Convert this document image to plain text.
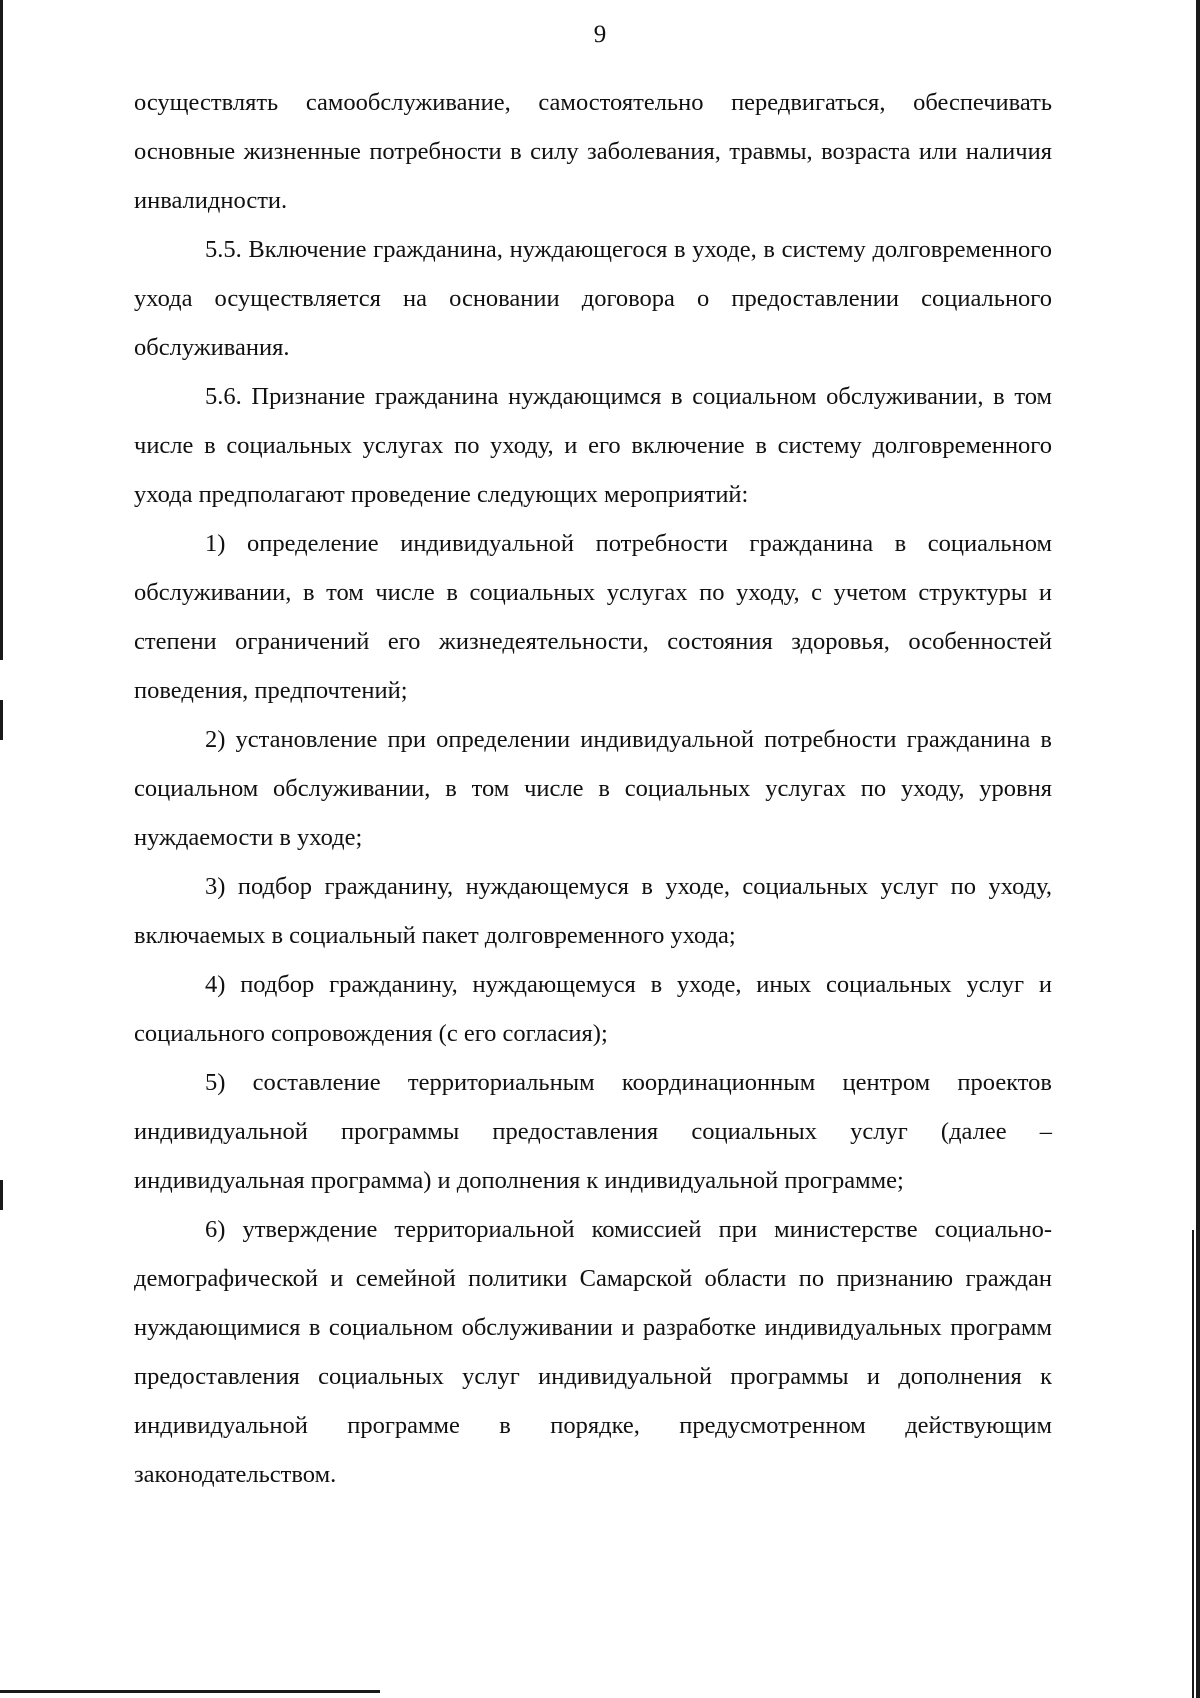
9

осуществлять самообслуживание, самостоятельно передвигаться, обеспечивать основные жизненные потребности в силу заболевания, травмы, возраста или наличия инвалидности.

5.5. Включение гражданина, нуждающегося в уходе, в систему долговременного ухода осуществляется на основании договора о предоставлении социального обслуживания.

5.6. Признание гражданина нуждающимся в социальном обслуживании, в том числе в социальных услугах по уходу, и его включение в систему долговременного ухода предполагают проведение следующих мероприятий:

1) определение индивидуальной потребности гражданина в социальном обслуживании, в том числе в социальных услугах по уходу, с учетом структуры и степени ограничений его жизнедеятельности, состояния здоровья, особенностей поведения, предпочтений;

2) установление при определении индивидуальной потребности гражданина в социальном обслуживании, в том числе в социальных услугах по уходу, уровня нуждаемости в уходе;

3) подбор гражданину, нуждающемуся в уходе, социальных услуг по уходу, включаемых в социальный пакет долговременного ухода;

4) подбор гражданину, нуждающемуся в уходе, иных социальных услуг и социального сопровождения (с его согласия);

5) составление территориальным координационным центром проектов индивидуальной программы предоставления социальных услуг (далее – индивидуальная программа) и дополнения к индивидуальной программе;

6) утверждение территориальной комиссией при министерстве социально-демографической и семейной политики Самарской области по признанию граждан нуждающимися в социальном обслуживании и разработке индивидуальных программ предоставления социальных услуг индивидуальной программы и дополнения к индивидуальной программе в порядке, предусмотренном действующим законодательством.
